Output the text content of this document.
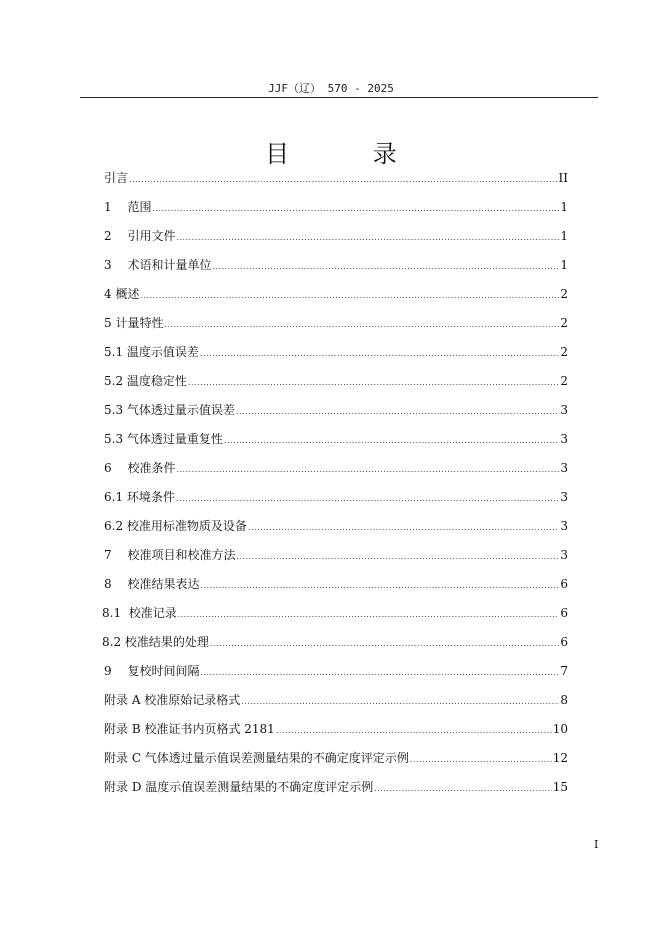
JJF（辽） 570 - 2025
目 录
引言 .....	II
1　 范围 .....	1
2　 引用文件 .....	1
3　 术语和计量单位 .....	1
4 概述 .....	2
5 计量特性 .....	2
5.1 温度示值误差 .....	2
5.2 温度稳定性 .....	2
5.3 气体透过量示值误差 .....	3
5.3 气体透过量重复性 .....	3
6　 校准条件 .....	3
6.1 环境条件 .....	3
6.2 校准用标准物质及设备 .....	3
7　 校准项目和校准方法 .....	3
8　 校准结果表达 .....	6
8.1  校准记录 .....	6
8.2 校准结果的处理 .....	6
9　 复校时间间隔 .....	7
附录 A 校准原始记录格式 .....	8
附录 B 校准证书内页格式 2181 .....	10
附录 C 气体透过量示值误差测量结果的不确定度评定示例 .....	12
附录 D 温度示值误差测量结果的不确定度评定示例 .....	15
I
